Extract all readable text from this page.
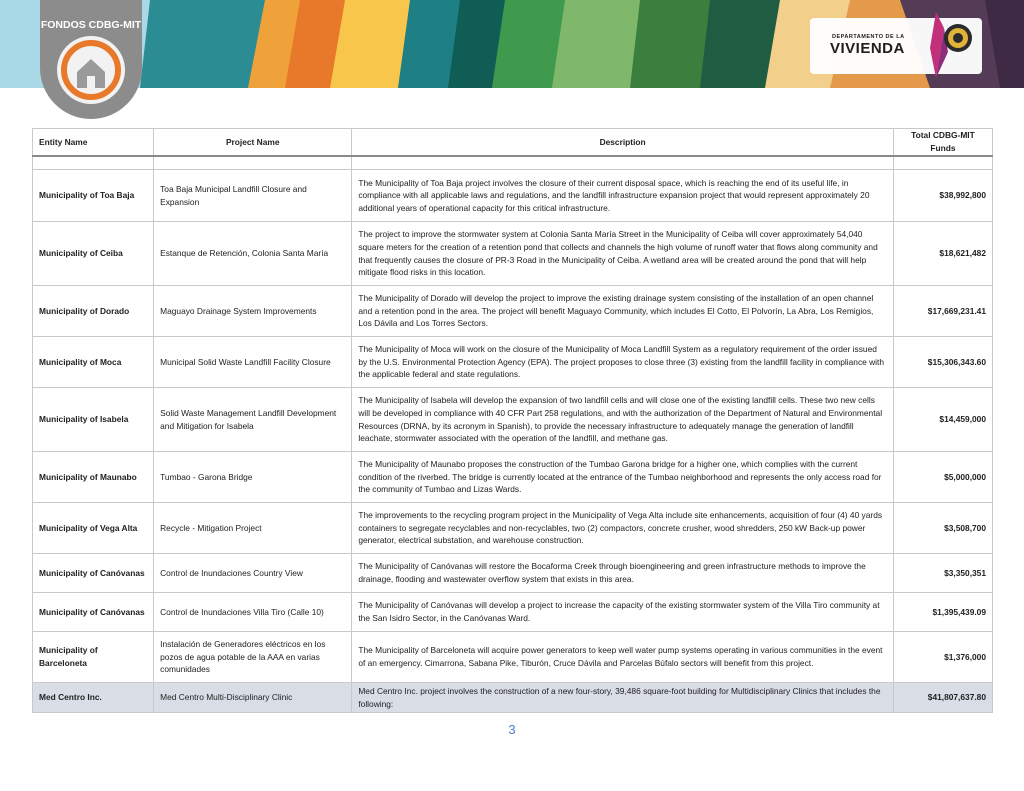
FONDOS CDBG-MIT
DEPARTAMENTO DE LA
VIVIENDA
Entity Name	Project Name	Description	Total CDBG-MIT Funds

Municipality of Toa Baja	Toa Baja Municipal Landfill Closure and Expansion	The Municipality of Toa Baja project involves the closure of their current disposal space, which is reaching the end of its useful life, in compliance with all applicable laws and regulations, and the landfill infrastructure expansion project that would represent approximately 20 additional years of operational capacity for this critical infrastructure.	$38,992,800
Municipality of Ceiba	Estanque de Retención, Colonia Santa María	The project to improve the stormwater system at Colonia Santa María Street in the Municipality of Ceiba will cover approximately 54,040 square meters for the creation of a retention pond that collects and channels the high volume of runoff water that flows along community and that frequently causes the closure of PR-3 Road in the Municipality of Ceiba. A wetland area will be created around the pond that will help mitigate flood risks in this location.	$18,621,482
Municipality of Dorado	Maguayo Drainage System Improvements	The Municipality of Dorado will develop the project to improve the existing drainage system consisting of the installation of an open channel and a retention pond in the area. The project will benefit Maguayo Community, which includes El Cotto, El Polvorín, La Abra, Los Remigios, Los Dávila and Los Torres Sectors.	$17,669,231.41
Municipality of Moca	Municipal Solid Waste Landfill Facility Closure	The Municipality of Moca will work on the closure of the Municipality of Moca Landfill System as a regulatory requirement of the order issued by the U.S. Environmental Protection Agency (EPA). The project proposes to close three (3) existing from the landfill facility in compliance with the applicable federal and state regulations.	$15,306,343.60
Municipality of Isabela	Solid Waste Management Landfill Development and Mitigation for Isabela	The Municipality of Isabela will develop the expansion of two landfill cells and will close one of the existing landfill cells. These two new cells will be developed in compliance with 40 CFR Part 258 regulations, and with the authorization of the Department of Natural and Environmental Resources (DRNA, by its acronym in Spanish), to provide the necessary infrastructure to adequately manage the generation of landfill leachate, stormwater associated with the operation of the landfill, and methane gas.	$14,459,000
Municipality of Maunabo	Tumbao - Garona Bridge	The Municipality of Maunabo proposes the construction of the Tumbao Garona bridge for a higher one, which complies with the current condition of the riverbed. The bridge is currently located at the entrance of the Tumbao neighborhood and represents the only access road for the community of Tumbao and Lizas Wards.	$5,000,000
Municipality of Vega Alta	Recycle - Mitigation Project	The improvements to the recycling program project in the Municipality of Vega Alta include site enhancements, acquisition of four (4) 40 yards containers to segregate recyclables and non-recyclables, two (2) compactors, concrete crusher, wood shredders, 250 kW Back-up power generator, electrical substation, and warehouse construction.	$3,508,700
Municipality of Canóvanas	Control de Inundaciones Country View	The Municipality of Canóvanas will restore the Bocaforma Creek through bioengineering and green infrastructure methods to improve the drainage, flooding and wastewater overflow system that exists in this area.	$3,350,351
Municipality of Canóvanas	Control de Inundaciones Villa Tiro (Calle 10)	The Municipality of Canóvanas will develop a project to increase the capacity of the existing stormwater system of the Villa Tiro community at the San Isidro Sector, in the Canóvanas Ward.	$1,395,439.09
Municipality of Barceloneta	Instalación de Generadores eléctricos en los pozos de agua potable de la AAA en varias comunidades	The Municipality of Barceloneta will acquire power generators to keep well water pump systems operating in various communities in the event of an emergency. Cimarrona, Sabana Pike, Tiburón, Cruce Dávila and Parcelas Búfalo sectors will benefit from this project.	$1,376,000
Med Centro Inc.	Med Centro Multi-Disciplinary Clinic	Med Centro Inc. project involves the construction of a new four-story, 39,486 square-foot building for Multidisciplinary Clinics that includes the following:	$41,807,637.80
3
